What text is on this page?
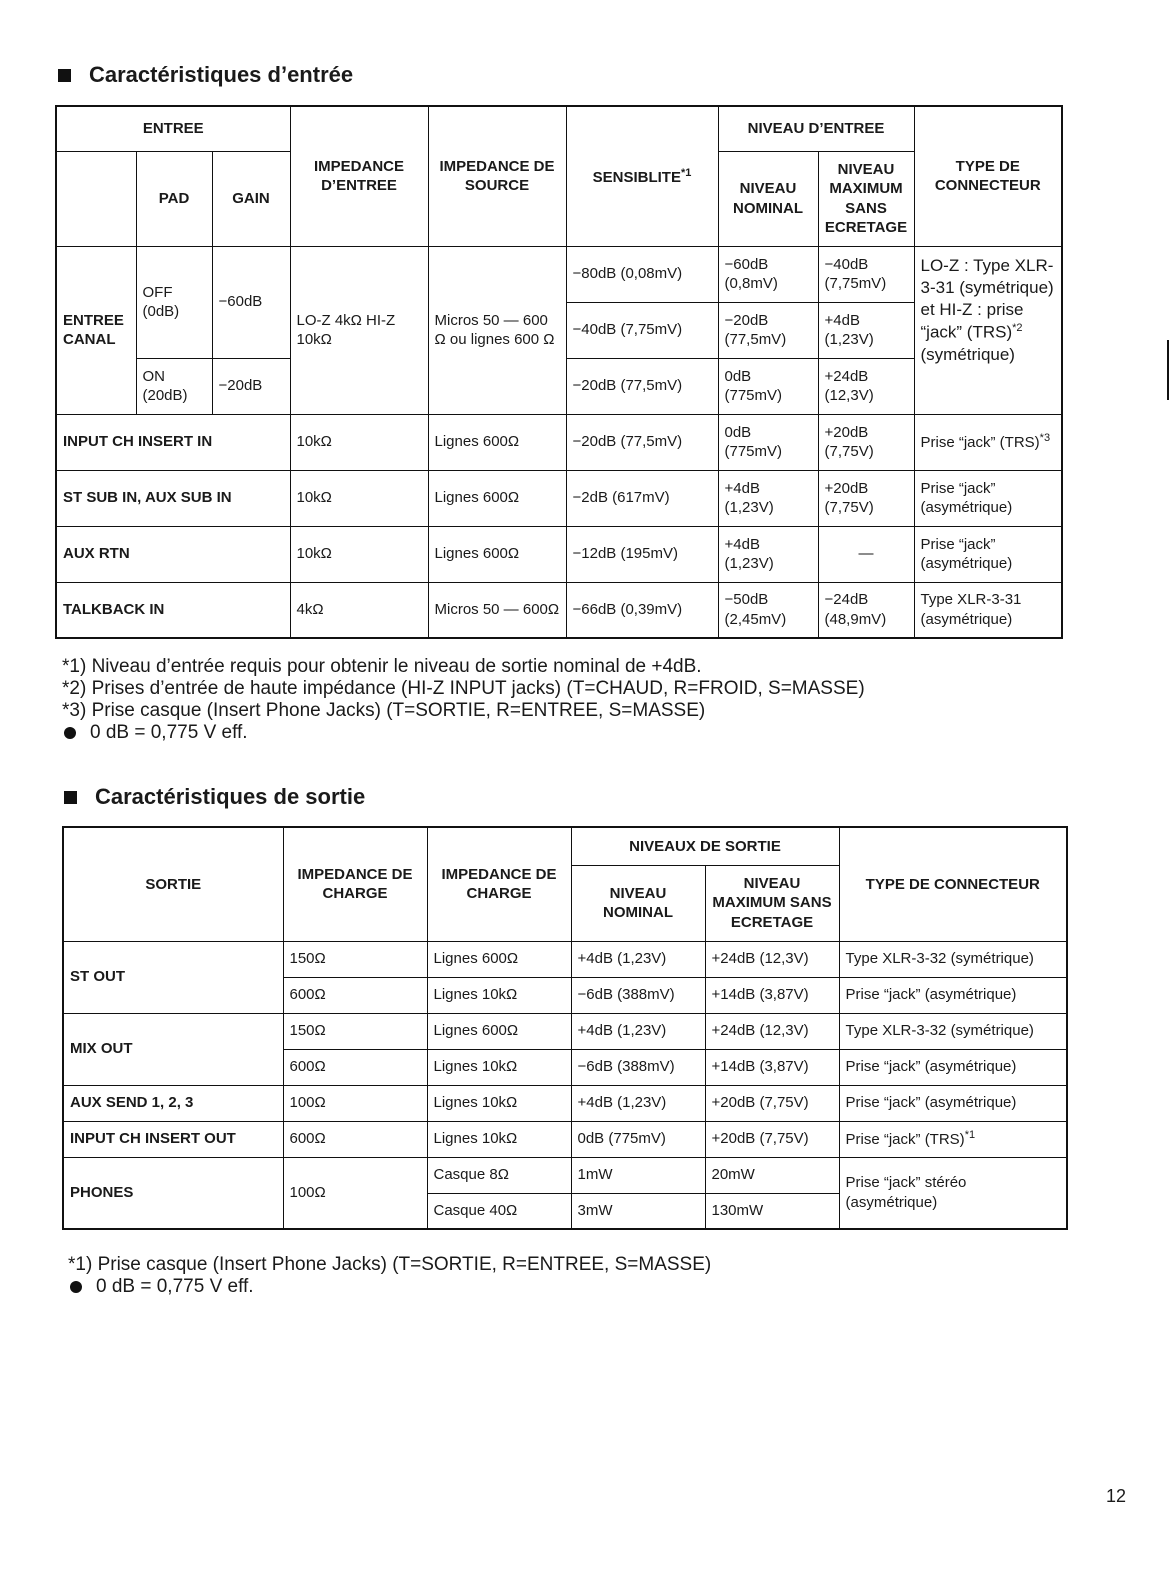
Caractéristiques d’entrée
ENTREE			IMPEDANCE D’ENTREE	IMPEDANCE DE SOURCE	SENSIBLITE$^{*1}$	NIVEAU D’ENTREE		TYPE DE CONNECTEUR
	PAD	GAIN				NIVEAU NOMINAL	NIVEAU MAXIMUM SANS ECRETAGE	
ENTREE CANAL	OFF (0dB)	−60dB	LO-Z 4kΩ HI-Z 10kΩ	Micros 50 — 600 Ω ou lignes 600 Ω	−80dB (0,08mV)	−60dB (0,8mV)	−40dB (7,75mV)	LO-Z : Type XLR-3-31 (symétrique) et HI-Z : prise “jack” (TRS)$^{*2}$
(symétrique)
					−40dB (7,75mV)	−20dB (77,5mV)	+4dB (1,23V)	
	ON (20dB)	−20dB			−20dB (77,5mV)	0dB (775mV)	+24dB (12,3V)	
INPUT CH INSERT IN			10kΩ	Lignes 600Ω	−20dB (77,5mV)	0dB (775mV)	+20dB (7,75V)	Prise “jack” (TRS)$^{*3}$
ST SUB IN, AUX SUB IN			10kΩ	Lignes 600Ω	−2dB (617mV)	+4dB (1,23V)	+20dB (7,75V)	Prise “jack” (asymétrique)
AUX RTN			10kΩ	Lignes 600Ω	−12dB (195mV)	+4dB (1,23V)	—	Prise “jack” (asymétrique)
TALKBACK IN			4kΩ	Micros 50 — 600Ω	−66dB (0,39mV)	−50dB (2,45mV)	−24dB (48,9mV)	Type XLR-3-31 (asymétrique)
*1) Niveau d’entrée requis pour obtenir le niveau de sortie nominal de +4dB.
*2) Prises d’entrée de haute impédance (HI-Z INPUT jacks) (T=CHAUD, R=FROID, S=MASSE)
*3) Prise casque (Insert Phone Jacks) (T=SORTIE, R=ENTREE, S=MASSE)
0 dB = 0,775 V eff.
Caractéristiques de sortie
SORTIE	IMPEDANCE DE CHARGE	IMPEDANCE DE CHARGE	NIVEAUX DE SORTIE		TYPE DE CONNECTEUR
			NIVEAU NOMINAL	NIVEAU MAXIMUM SANS ECRETAGE	
ST OUT	150Ω	Lignes 600Ω	+4dB (1,23V)	+24dB (12,3V)	Type XLR-3-32 (symétrique)
	600Ω	Lignes 10kΩ	−6dB (388mV)	+14dB (3,87V)	Prise “jack” (asymétrique)
MIX OUT	150Ω	Lignes 600Ω	+4dB (1,23V)	+24dB (12,3V)	Type XLR-3-32 (symétrique)
	600Ω	Lignes 10kΩ	−6dB (388mV)	+14dB (3,87V)	Prise “jack” (asymétrique)
AUX SEND 1, 2, 3	100Ω	Lignes 10kΩ	+4dB (1,23V)	+20dB (7,75V)	Prise “jack” (asymétrique)
INPUT CH INSERT OUT	600Ω	Lignes 10kΩ	0dB (775mV)	+20dB (7,75V)	Prise “jack” (TRS)$^{*1}$
PHONES	100Ω	Casque 8Ω	1mW	20mW	Prise “jack” stéréo (asymétrique)
		Casque 40Ω	3mW	130mW	
*1) Prise casque (Insert Phone Jacks) (T=SORTIE, R=ENTREE, S=MASSE)
0 dB = 0,775 V eff.
12
